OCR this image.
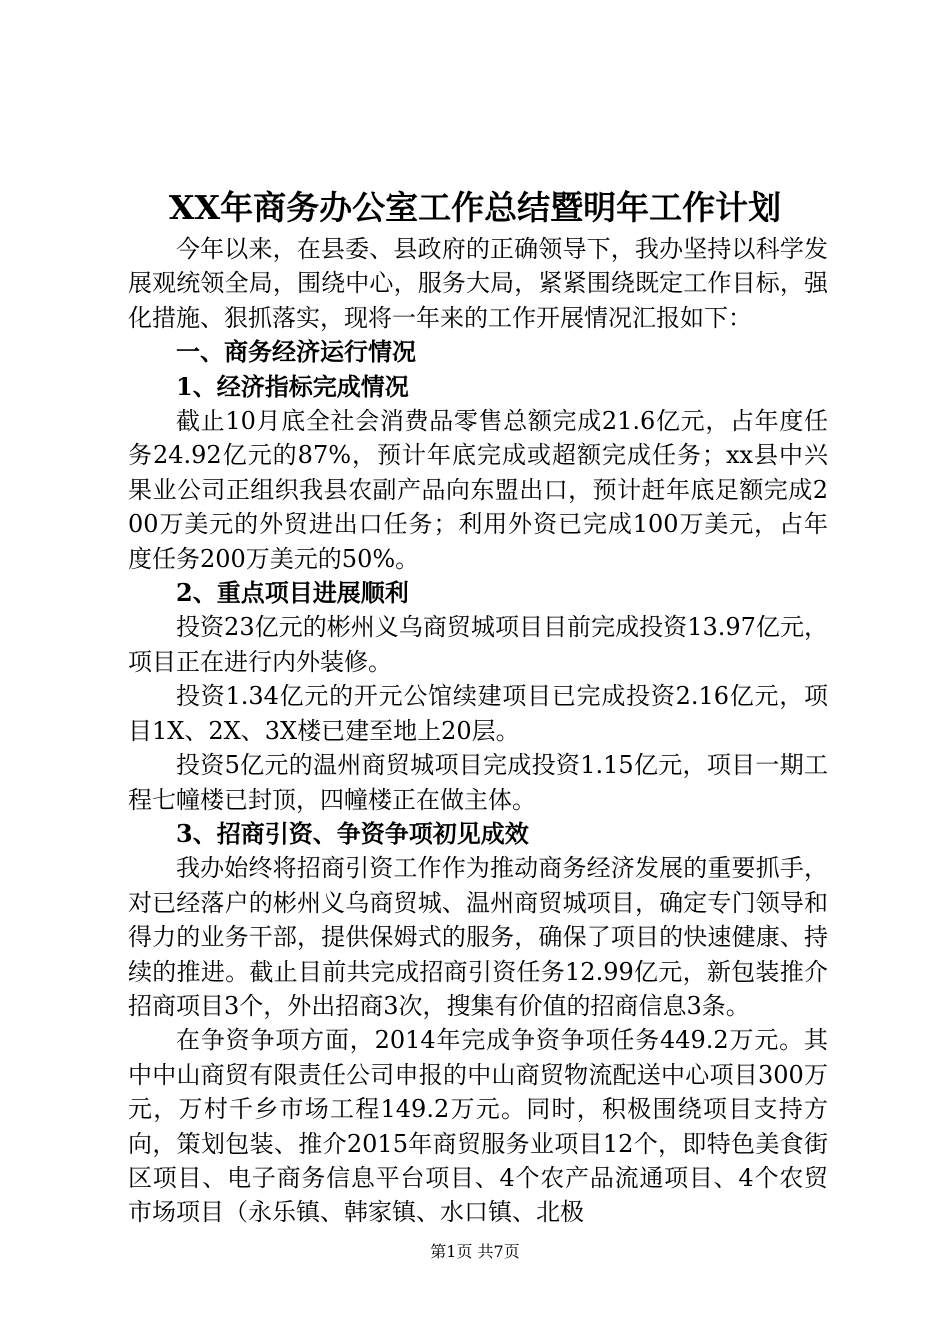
XX年商务办公室工作总结暨明年工作计划

今年以来，在县委、县政府的正确领导下，我办坚持以科学发展观统领全局，围绕中心，服务大局，紧紧围绕既定工作目标，强化措施、狠抓落实，现将一年来的工作开展情况汇报如下：

一、商务经济运行情况

1、经济指标完成情况

截止10月底全社会消费品零售总额完成21.6亿元，占年度任务24.92亿元的87%，预计年底完成或超额完成任务；xx县中兴果业公司正组织我县农副产品向东盟出口，预计赶年底足额完成200万美元的外贸进出口任务；利用外资已完成100万美元，占年度任务200万美元的50%。

2、重点项目进展顺利

投资23亿元的彬州义乌商贸城项目目前完成投资13.97亿元，项目正在进行内外装修。

投资1.34亿元的开元公馆续建项目已完成投资2.16亿元，项目1X、2X、3X楼已建至地上20层。

投资5亿元的温州商贸城项目完成投资1.15亿元，项目一期工程七幢楼已封顶，四幢楼正在做主体。

3、招商引资、争资争项初见成效

我办始终将招商引资工作作为推动商务经济发展的重要抓手，对已经落户的彬州义乌商贸城、温州商贸城项目，确定专门领导和得力的业务干部，提供保姆式的服务，确保了项目的快速健康、持续的推进。截止目前共完成招商引资任务12.99亿元，新包装推介招商项目3个，外出招商3次，搜集有价值的招商信息3条。

在争资争项方面，2014年完成争资争项任务449.2万元。其中中山商贸有限责任公司申报的中山商贸物流配送中心项目300万元，万村千乡市场工程149.2万元。同时，积极围绕项目支持方向，策划包装、推介2015年商贸服务业项目12个，即特色美食街区项目、电子商务信息平台项目、4个农产品流通项目、4个农贸市场项目（永乐镇、韩家镇、水口镇、北极

第1页 共7页
